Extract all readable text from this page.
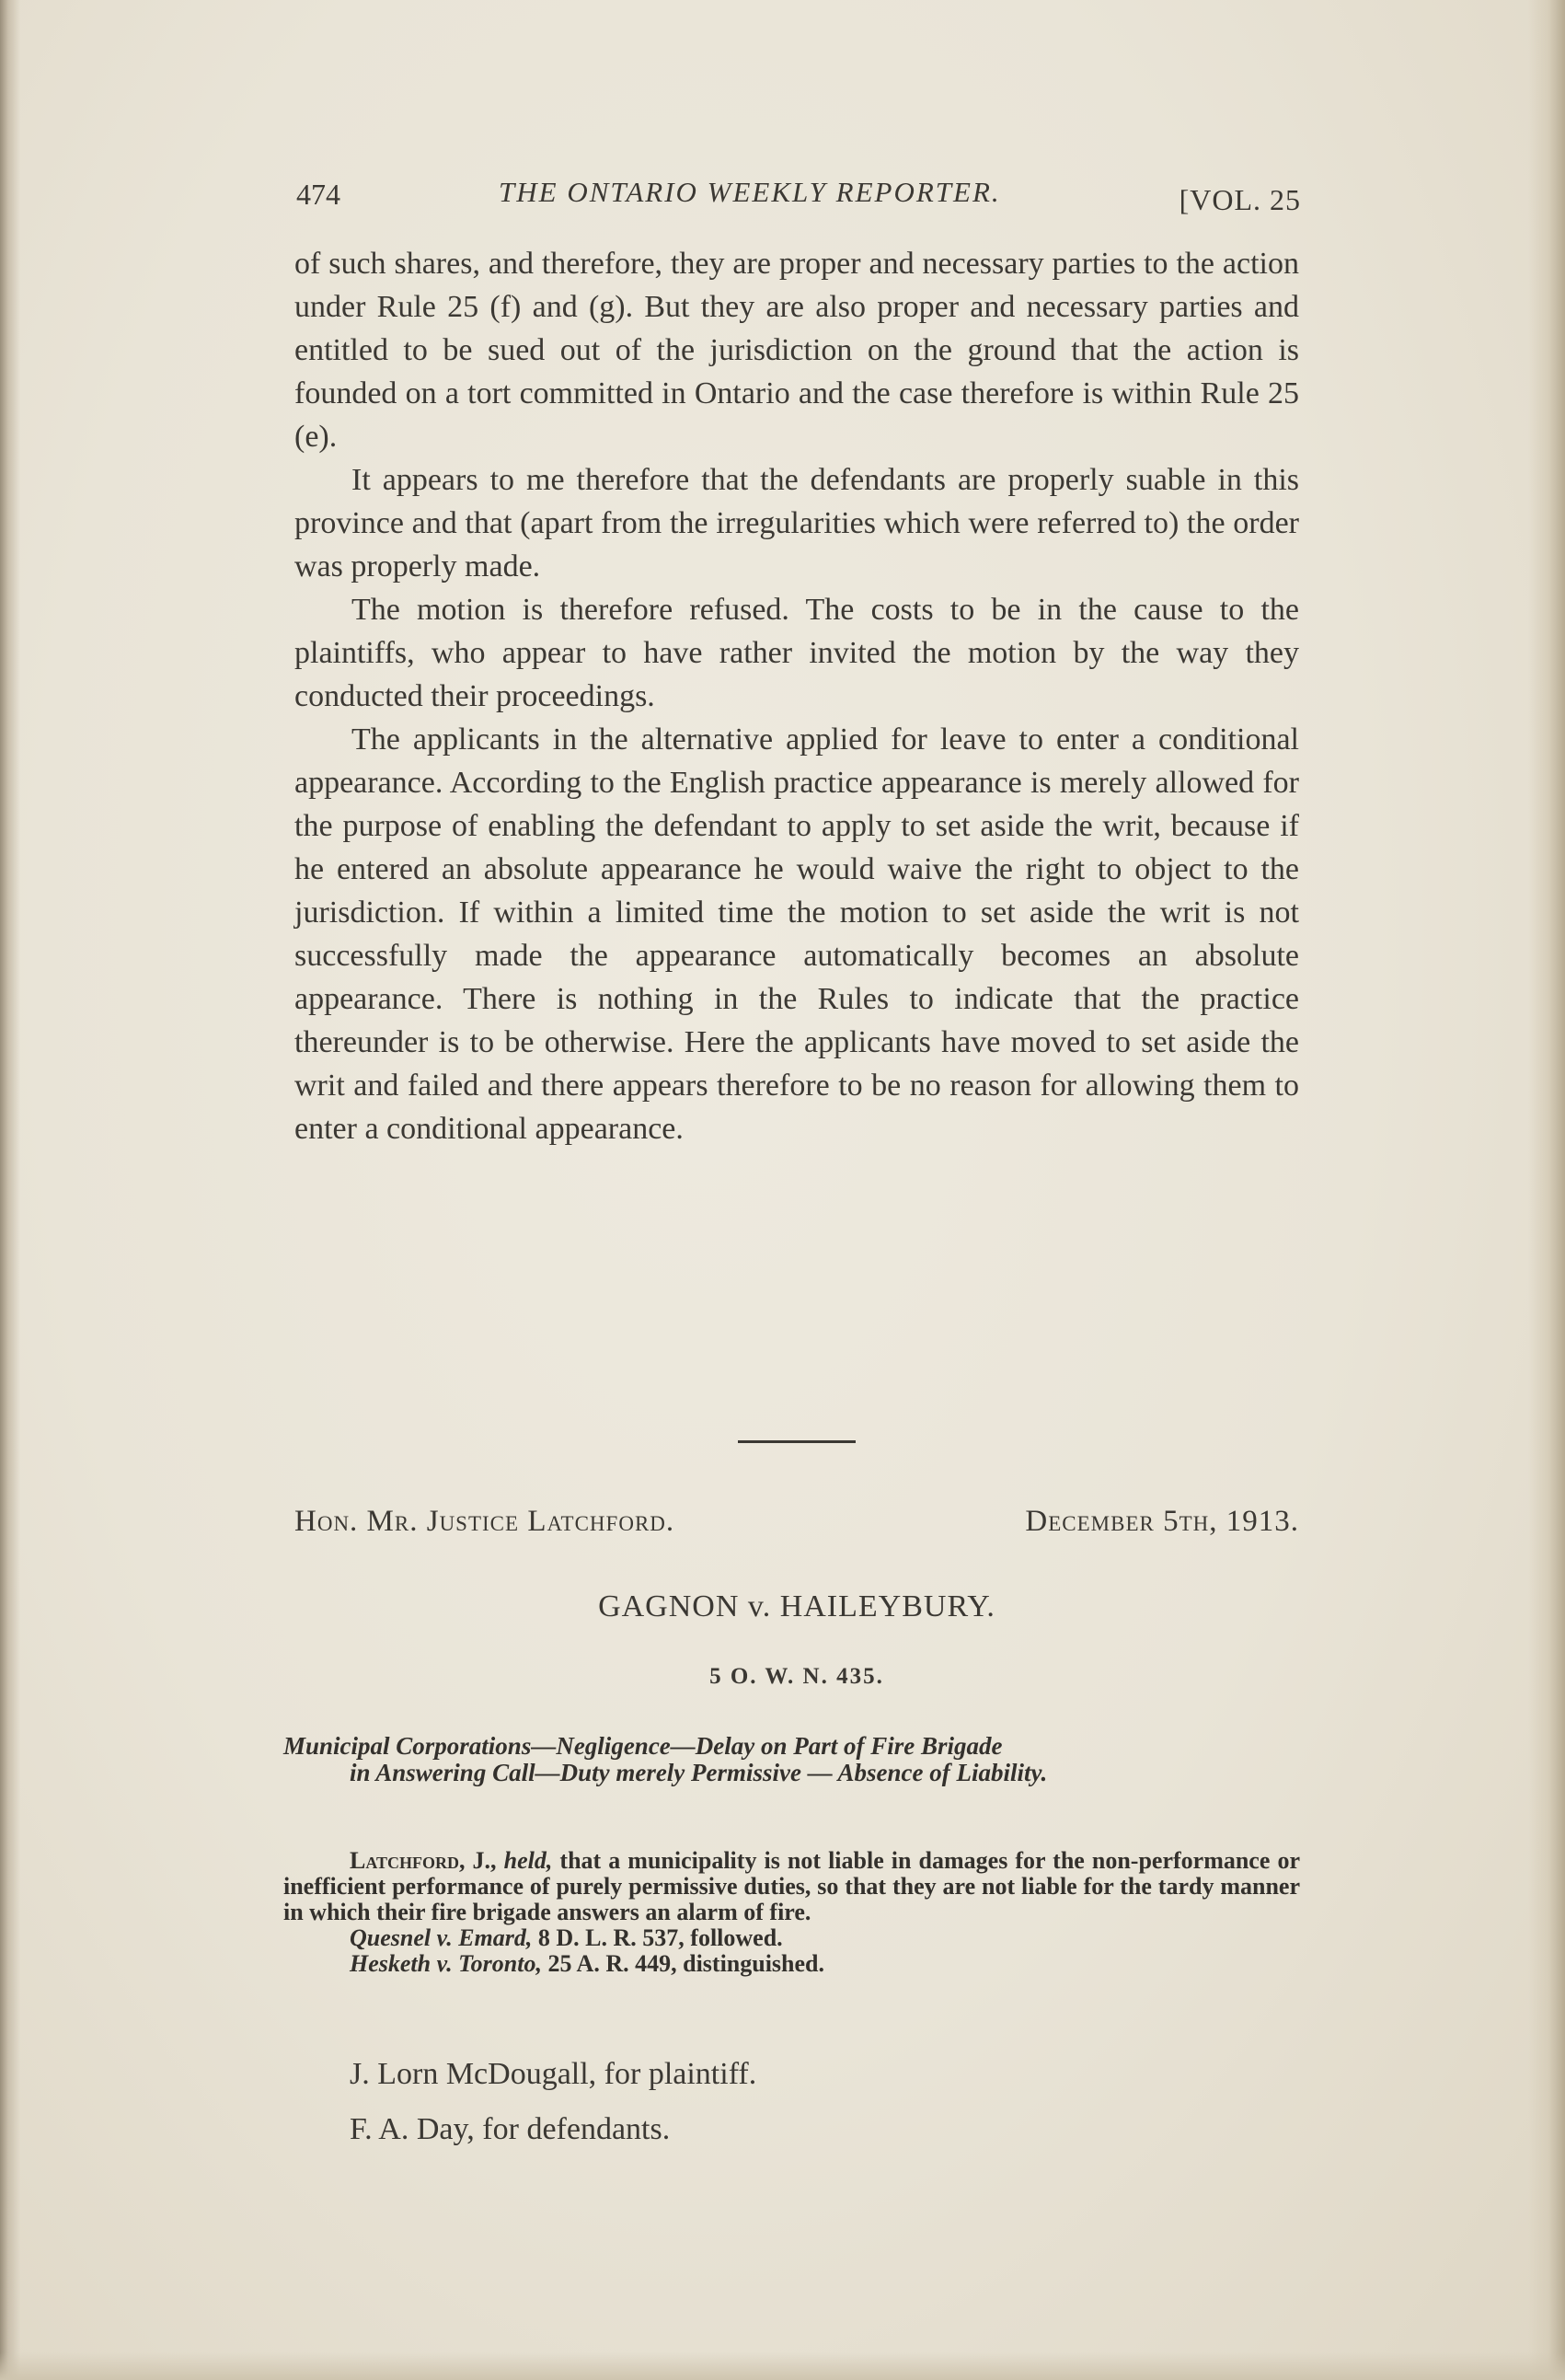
474	THE ONTARIO WEEKLY REPORTER.	[VOL. 25

of such shares, and therefore, they are proper and necessary parties to the action under Rule 25 (f) and (g). But they are also proper and necessary parties and entitled to be sued out of the jurisdiction on the ground that the action is founded on a tort committed in Ontario and the case therefore is within Rule 25 (e).

It appears to me therefore that the defendants are properly suable in this province and that (apart from the irregularities which were referred to) the order was properly made.

The motion is therefore refused. The costs to be in the cause to the plaintiffs, who appear to have rather invited the motion by the way they conducted their proceedings.

The applicants in the alternative applied for leave to enter a conditional appearance. According to the English practice appearance is merely allowed for the purpose of enabling the defendant to apply to set aside the writ, because if he entered an absolute appearance he would waive the right to object to the jurisdiction. If within a limited time the motion to set aside the writ is not successfully made the appearance automatically becomes an absolute appearance. There is nothing in the Rules to indicate that the practice thereunder is to be otherwise. Here the applicants have moved to set aside the writ and failed and there appears therefore to be no reason for allowing them to enter a conditional appearance.

Hon. Mr. Justice Latchford.	December 5th, 1913.
GAGNON v. HAILEYBURY.
5 O. W. N. 435.
Municipal Corporations—Negligence—Delay on Part of Fire Brigade
in Answering Call—Duty merely Permissive — Absence of Liability.

Latchford, J., held, that a municipality is not liable in damages for the non-performance or inefficient performance of purely permissive duties, so that they are not liable for the tardy manner in which their fire brigade answers an alarm of fire.

Quesnel v. Emard, 8 D. L. R. 537, followed.

Hesketh v. Toronto, 25 A. R. 449, distinguished.

J. Lorn McDougall, for plaintiff.
F. A. Day, for defendants.
